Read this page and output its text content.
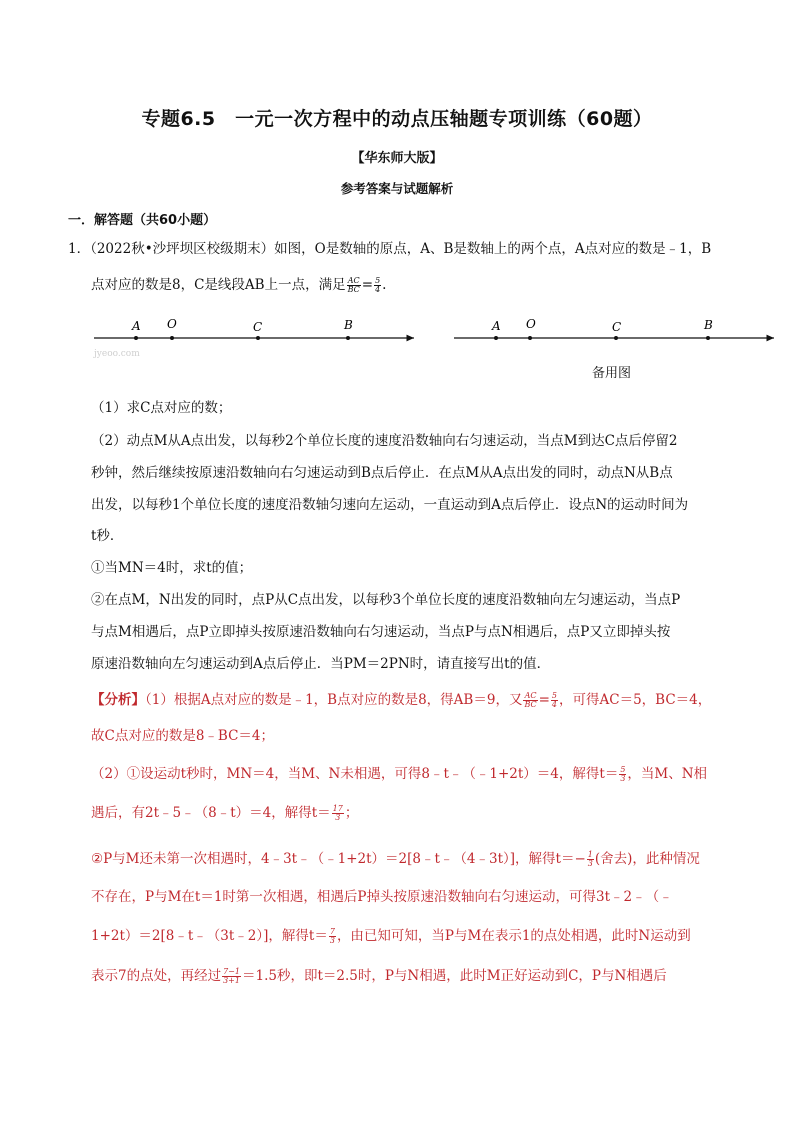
专题6.5　一元一次方程中的动点压轴题专项训练（60题）
【华东师大版】
参考答案与试题解析
一．解答题（共60小题）
1．（2022秋•沙坪坝区校级期末）如图，O是数轴的原点，A、B是数轴上的两个点，A点对应的数是﹣1，B
点对应的数是8，C是线段AB上一点，满足 $\frac{AC}{BC} = \frac{5}{4}$ .
A O	C	B
jyeoo.com
A O	C	B
备用图
（1）求C点对应的数；
（2）动点M从A点出发，以每秒2个单位长度的速度沿数轴向右匀速运动，当点M到达C点后停留2
秒钟，然后继续按原速沿数轴向右匀速运动到B点后停止．在点M从A点出发的同时，动点N从B点
出发，以每秒1个单位长度的速度沿数轴匀速向左运动，一直运动到A点后停止．设点N的运动时间为
t秒．
①当MN＝4时，求t的值；
②在点M，N出发的同时，点P从C点出发，以每秒3个单位长度的速度沿数轴向左匀速运动，当点P
与点M相遇后，点P立即掉头按原速沿数轴向右匀速运动，当点P与点N相遇后，点P又立即掉头按
原速沿数轴向左匀速运动到A点后停止．当PM＝2PN时，请直接写出t的值．
【分析】（1）根据A点对应的数是﹣1，B点对应的数是8，得AB＝9，又 $\frac{AC}{BC} = \frac{5}{4}$ ，可得AC＝5，BC＝4，
故C点对应的数是8﹣BC＝4；
（2）①设运动t秒时，MN＝4，当M、N未相遇，可得8﹣t﹣（﹣1+2t）＝4，解得$t= \frac{5}{3}$ ，当M、N相
遇后，有2t﹣5﹣（8﹣t）＝4，解得$t= \frac{17}{3}$ ；
②P与M还未第一次相遇时，4﹣3t﹣（﹣1+2t）＝2[8﹣t﹣（4﹣3t）]，解得$t=- \frac{1}{3}$ (舍去)，此种情况
不存在，P与M在t＝1时第一次相遇，相遇后P掉头按原速沿数轴向右匀速运动，可得3t﹣2﹣（﹣
1+2t）＝2[8﹣t﹣（3t﹣2）]，解得$t= \frac{7}{3}$ ，由已知可知，当P与M在表示1的点处相遇，此时N运动到
表示7的点处，再经过 $\frac{7-1}{3+1} =1.5$秒，即t＝2.5时，P与N相遇，此时M正好运动到C，P与N相遇后
